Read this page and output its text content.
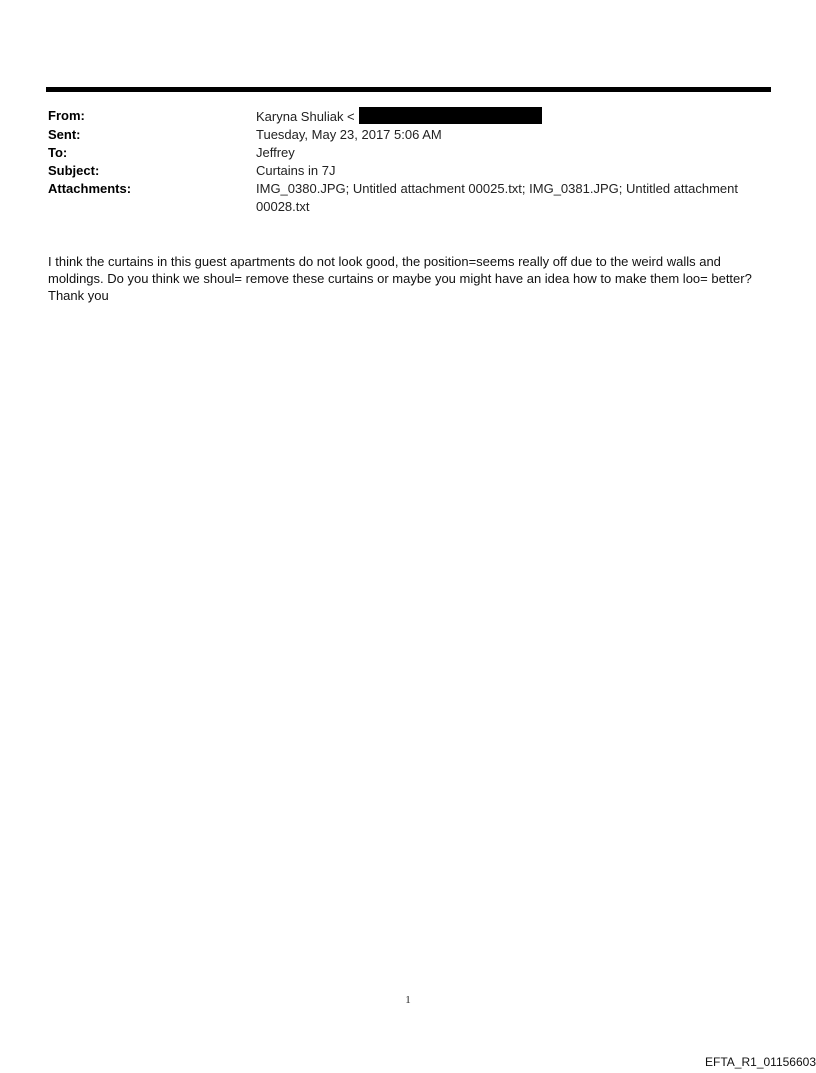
From:	Karyna Shuliak <
Sent:	Tuesday, May 23, 2017 5:06 AM
To:	Jeffrey
Subject:	Curtains in 7J
Attachments:	IMG_0380.JPG; Untitled attachment 00025.txt; IMG_0381.JPG; Untitled attachment 00028.txt

I think the curtains in this guest apartments do not look good, the position=seems really off due to the weird walls and moldings. Do you think we shoul= remove these curtains or maybe you might have an idea how to make them loo= better?

Thank you

1
EFTA_R1_01156603
